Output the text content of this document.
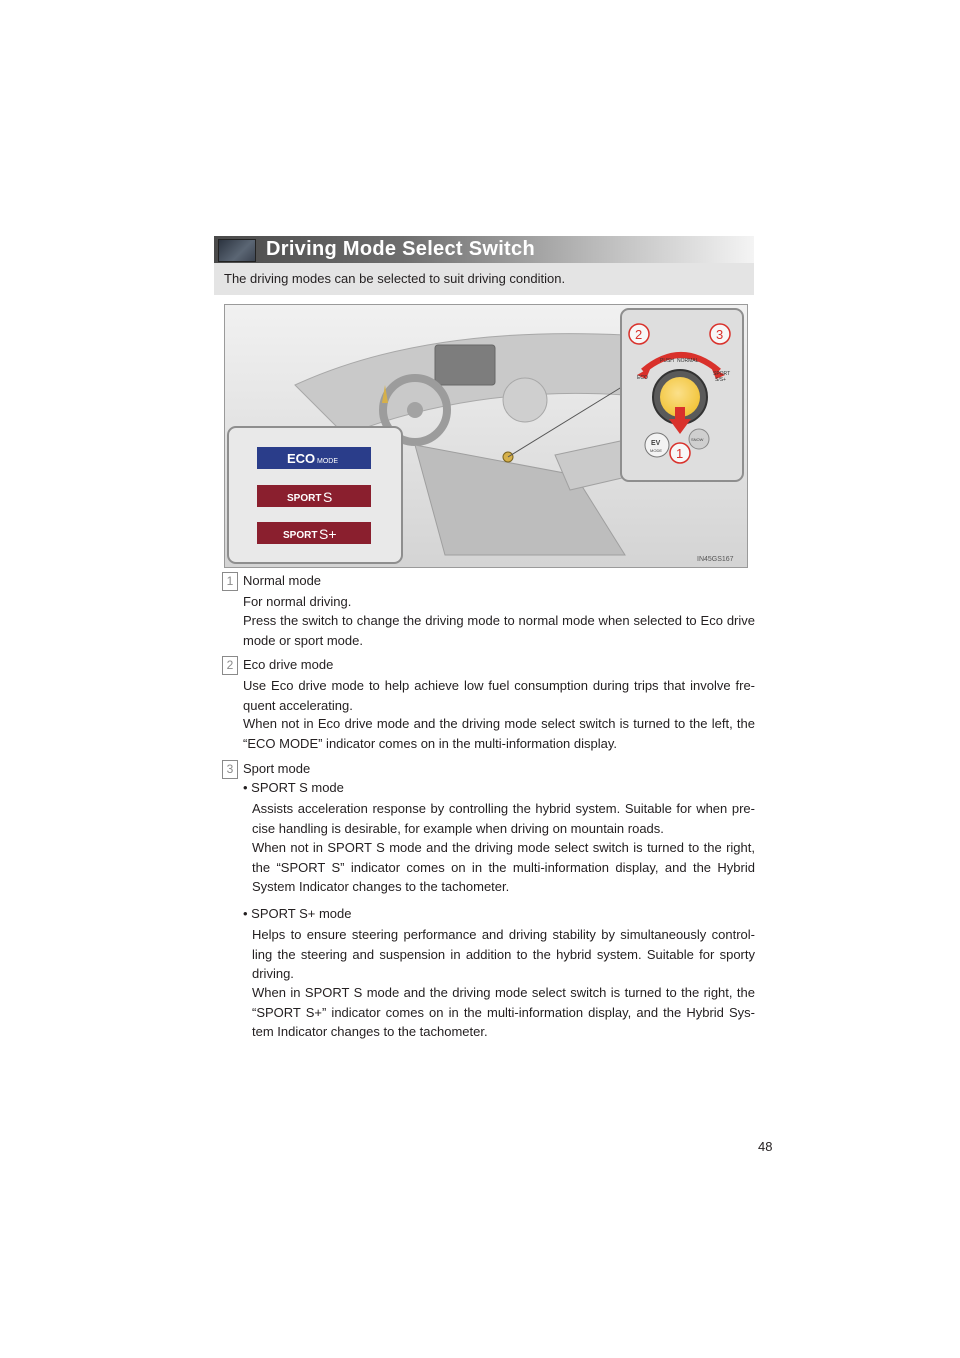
Driving Mode Select Switch
The driving modes can be selected to suit driving condition.
ECO MODE
SPORT S
SPORT S+
2	3
PUSH NORMAL
ECO
SPORT
S/S+
EV
MODE
SNOW
1
IN45GS167
1 Normal mode

For normal driving.

Press the switch to change the driving mode to normal mode when selected to Eco drive mode or sport mode.

2 Eco drive mode

Use Eco drive mode to help achieve low fuel consumption during trips that involve fre-quent accelerating.

When not in Eco drive mode and the driving mode select switch is turned to the left, the “ECO MODE” indicator comes on in the multi-information display.

3 Sport mode
• SPORT S mode

Assists acceleration response by controlling the hybrid system. Suitable for when pre-cise handling is desirable, for example when driving on mountain roads.

When not in SPORT S mode and the driving mode select switch is turned to the right, the “SPORT S” indicator comes on in the multi-information display, and the Hybrid System Indicator changes to the tachometer.

• SPORT S+ mode

Helps to ensure steering performance and driving stability by simultaneously control-ling the steering and suspension in addition to the hybrid system. Suitable for sporty driving.

When in SPORT S mode and the driving mode select switch is turned to the right, the “SPORT S+” indicator comes on in the multi-information display, and the Hybrid Sys-tem Indicator changes to the tachometer.

48
